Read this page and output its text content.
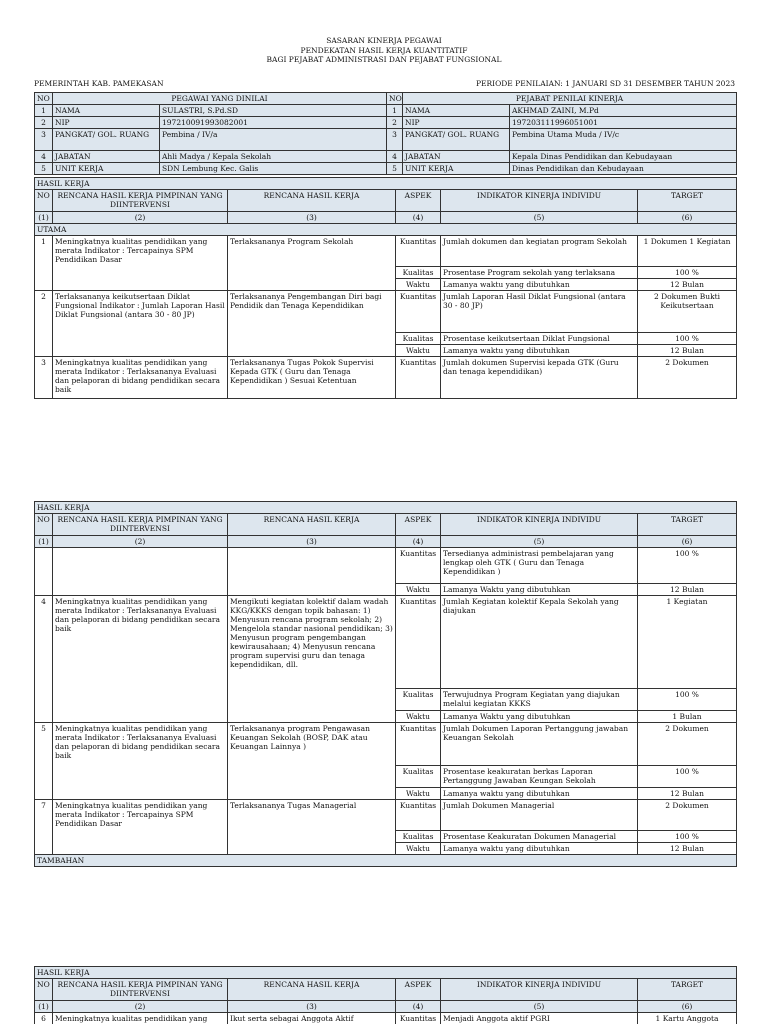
SASARAN KINERJA PEGAWAI
PENDEKATAN HASIL KERJA KUANTITATIF
BAGI PEJABAT ADMINISTRASI DAN PEJABAT FUNGSIONAL
PEMERINTAH KAB. PAMEKASAN	PERIODE PENILAIAN: 1 JANUARI SD 31 DESEMBER TAHUN 2023
NO	PEGAWAI YANG DINILAI		NO	PEJABAT PENILAI KINERJA	
1	NAMA	SULASTRI, S.Pd.SD	1	NAMA	AKHMAD ZAINI, M.Pd
2	NIP	197210091993082001	2	NIP	197203111996051001
3	PANGKAT/ GOL. RUANG	Pembina / IV/a	3	PANGKAT/ GOL. RUANG	Pembina Utama Muda / IV/c
4	JABATAN	Ahli Madya / Kepala Sekolah	4	JABATAN	Kepala Dinas Pendidikan dan Kebudayaan
5	UNIT KERJA	SDN Lembung Kec. Galis	5	UNIT KERJA	Dinas Pendidikan dan Kebudayaan
HASIL KERJA					
NO	RENCANA HASIL KERJA PIMPINAN YANG DIINTERVENSI	RENCANA HASIL KERJA	ASPEK	INDIKATOR KINERJA INDIVIDU	TARGET
(1)	(2)	(3)	(4)	(5)	(6)
UTAMA					
1	Meningkatnya kualitas pendidikan yang merata Indikator : Tercapainya SPM Pendidikan Dasar	Terlaksananya Program Sekolah	Kuantitas	Jumlah dokumen dan kegiatan program Sekolah	1 Dokumen 1 Kegiatan
			Kualitas	Prosentase Program sekolah yang terlaksana	100 %
			Waktu	Lamanya waktu yang dibutuhkan	12 Bulan
2	Terlaksananya keikutsertaan Diklat Fungsional Indikator : Jumlah Laporan Hasil Diklat Fungsional (antara 30 - 80 JP)	Terlaksananya Pengembangan Diri bagi Pendidik dan Tenaga Kependidikan	Kuantitas	Jumlah Laporan Hasil Diklat Fungsional (antara 30 - 80 JP)	2 Dokumen Bukti Keikutsertaan
			Kualitas	Prosentase keikutsertaan Diklat Fungsional	100 %
			Waktu	Lamanya waktu yang dibutuhkan	12 Bulan
3	Meningkatnya kualitas pendidikan yang merata Indikator : Terlaksananya Evaluasi dan pelaporan di bidang pendidikan secara baik	Terlaksananya Tugas Pokok Supervisi Kepada GTK ( Guru dan Tenaga Kependidikan ) Sesuai Ketentuan	Kuantitas	Jumlah dokumen Supervisi kepada GTK (Guru dan tenaga kependidikan)	2 Dokumen
HASIL KERJA					
NO	RENCANA HASIL KERJA PIMPINAN YANG DIINTERVENSI	RENCANA HASIL KERJA	ASPEK	INDIKATOR KINERJA INDIVIDU	TARGET
(1)	(2)	(3)	(4)	(5)	(6)
			Kuantitas	Tersedianya administrasi pembelajaran yang lengkap oleh GTK ( Guru dan Tenaga Kependidikan )	100 %
			Waktu	Lamanya Waktu yang dibutuhkan	12 Bulan
4	Meningkatnya kualitas pendidikan yang merata Indikator : Terlaksananya Evaluasi dan pelaporan di bidang pendidikan secara baik	Mengikuti kegiatan kolektif dalam wadah KKG/KKKS dengan topik bahasan: 1) Menyusun rencana program sekolah; 2) Mengelola standar nasional pendidikan; 3) Menyusun program pengembangan kewirausahaan; 4) Menyusun rencana program supervisi guru dan tenaga kependidikan, dll.	Kuantitas	Jumlah Kegiatan kolektif Kepala Sekolah yang diajukan	1 Kegiatan
			Kualitas	Terwujudnya Program Kegiatan yang diajukan melalui kegiatan KKKS	100 %
			Waktu	Lamanya Waktu yang dibutuhkan	1 Bulan
5	Meningkatnya kualitas pendidikan yang merata Indikator : Terlaksananya Evaluasi dan pelaporan di bidang pendidikan secara baik	Terlaksananya program Pengawasan Keuangan Sekolah (BOSP, DAK atau Keuangan Lainnya )	Kuantitas	Jumlah Dokumen Laporan Pertanggung jawaban Keuangan Sekolah	2 Dokumen
			Kualitas	Prosentase keakuratan berkas Laporan Pertanggung Jawaban Keungan Sekolah	100 %
			Waktu	Lamanya waktu yang dibutuhkan	12 Bulan
7	Meningkatnya kualitas pendidikan yang merata Indikator : Tercapainya SPM Pendidikan Dasar	Terlaksananya Tugas Managerial	Kuantitas	Jumlah Dokumen Managerial	2 Dokumen
			Kualitas	Prosentase Keakuratan Dokumen Managerial	100 %
			Waktu	Lamanya waktu yang dibutuhkan	12 Bulan
TAMBAHAN					
HASIL KERJA					
NO	RENCANA HASIL KERJA PIMPINAN YANG DIINTERVENSI	RENCANA HASIL KERJA	ASPEK	INDIKATOR KINERJA INDIVIDU	TARGET
(1)	(2)	(3)	(4)	(5)	(6)
6	Meningkatnya kualitas pendidikan yang	Ikut serta sebagai Anggota Aktif	Kuantitas	Menjadi Anggota aktif PGRI	1 Kartu Anggota
